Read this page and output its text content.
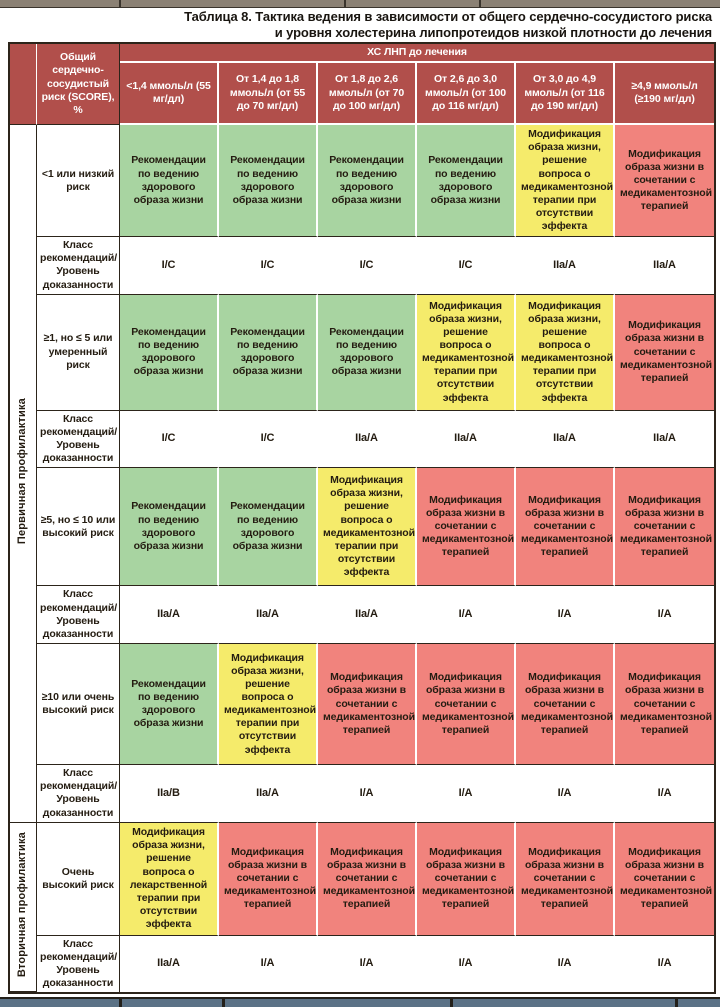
Таблица 8. Тактика ведения в зависимости от общего сердечно-сосудистого риска
и уровня холестерина липопротеидов низкой плотности до лечения
	Общий сердечно-сосудистый риск (SCORE), %	ХС ЛНП до лечения					
		<1,4 ммоль/л (55 мг/дл)	От 1,4 до 1,8 ммоль/л (от 55 до 70 мг/дл)	От 1,8 до 2,6 ммоль/л (от 70 до 100 мг/дл)	От 2,6 до 3,0 ммоль/л (от 100 до 116 мг/дл)	От 3,0 до 4,9 ммоль/л (от 116 до 190 мг/дл)	≥4,9 ммоль/л (≥190 мг/дл)
Первичная профилактика	<1 или низкий риск	Рекомендации по ведению здорового образа жизни	Рекомендации по ведению здорового образа жизни	Рекомендации по ведению здорового образа жизни	Рекомендации по ведению здорового образа жизни	Модификация образа жизни, решение вопроса о медикаментозной терапии при отсутствии эффекта	Модификация образа жизни в сочетании с медикаментозной терапией
	Класс рекомендаций/ Уровень доказанности	I/C	I/C	I/C	I/C	IIa/A	IIa/A
	≥1, но ≤ 5 или умеренный риск	Рекомендации по ведению здорового образа жизни	Рекомендации по ведению здорового образа жизни	Рекомендации по ведению здорового образа жизни	Модификация образа жизни, решение вопроса о медикаментозной терапии при отсутствии эффекта	Модификация образа жизни, решение вопроса о медикаментозной терапии при отсутствии эффекта	Модификация образа жизни в сочетании с медикаментозной терапией
	Класс рекомендаций/ Уровень доказанности	I/C	I/C	IIa/A	IIa/A	IIa/A	IIa/A
	≥5, но ≤ 10 или высокий риск	Рекомендации по ведению здорового образа жизни	Рекомендации по ведению здорового образа жизни	Модификация образа жизни, решение вопроса о медикаментозной терапии при отсутствии эффекта	Модификация образа жизни в сочетании с медикаментозной терапией	Модификация образа жизни в сочетании с медикаментозной терапией	Модификация образа жизни в сочетании с медикаментозной терапией
	Класс рекомендаций/ Уровень доказанности	IIa/A	IIa/A	IIa/A	I/A	I/A	I/A
	≥10 или очень высокий риск	Рекомендации по ведению здорового образа жизни	Модификация образа жизни, решение вопроса о медикаментозной терапии при отсутствии эффекта	Модификация образа жизни в сочетании с медикаментозной терапией	Модификация образа жизни в сочетании с медикаментозной терапией	Модификация образа жизни в сочетании с медикаментозной терапией	Модификация образа жизни в сочетании с медикаментозной терапией
	Класс рекомендаций/ Уровень доказанности	IIa/B	IIa/A	I/A	I/A	I/A	I/A
Вторичная профилактика	Очень высокий риск	Модификация образа жизни, решение вопроса о лекарственной терапии при отсутствии эффекта	Модификация образа жизни в сочетании с медикаментозной терапией	Модификация образа жизни в сочетании с медикаментозной терапией	Модификация образа жизни в сочетании с медикаментозной терапией	Модификация образа жизни в сочетании с медикаментозной терапией	Модификация образа жизни в сочетании с медикаментозной терапией
	Класс рекомендаций/ Уровень доказанности	IIa/A	I/A	I/A	I/A	I/A	I/A
